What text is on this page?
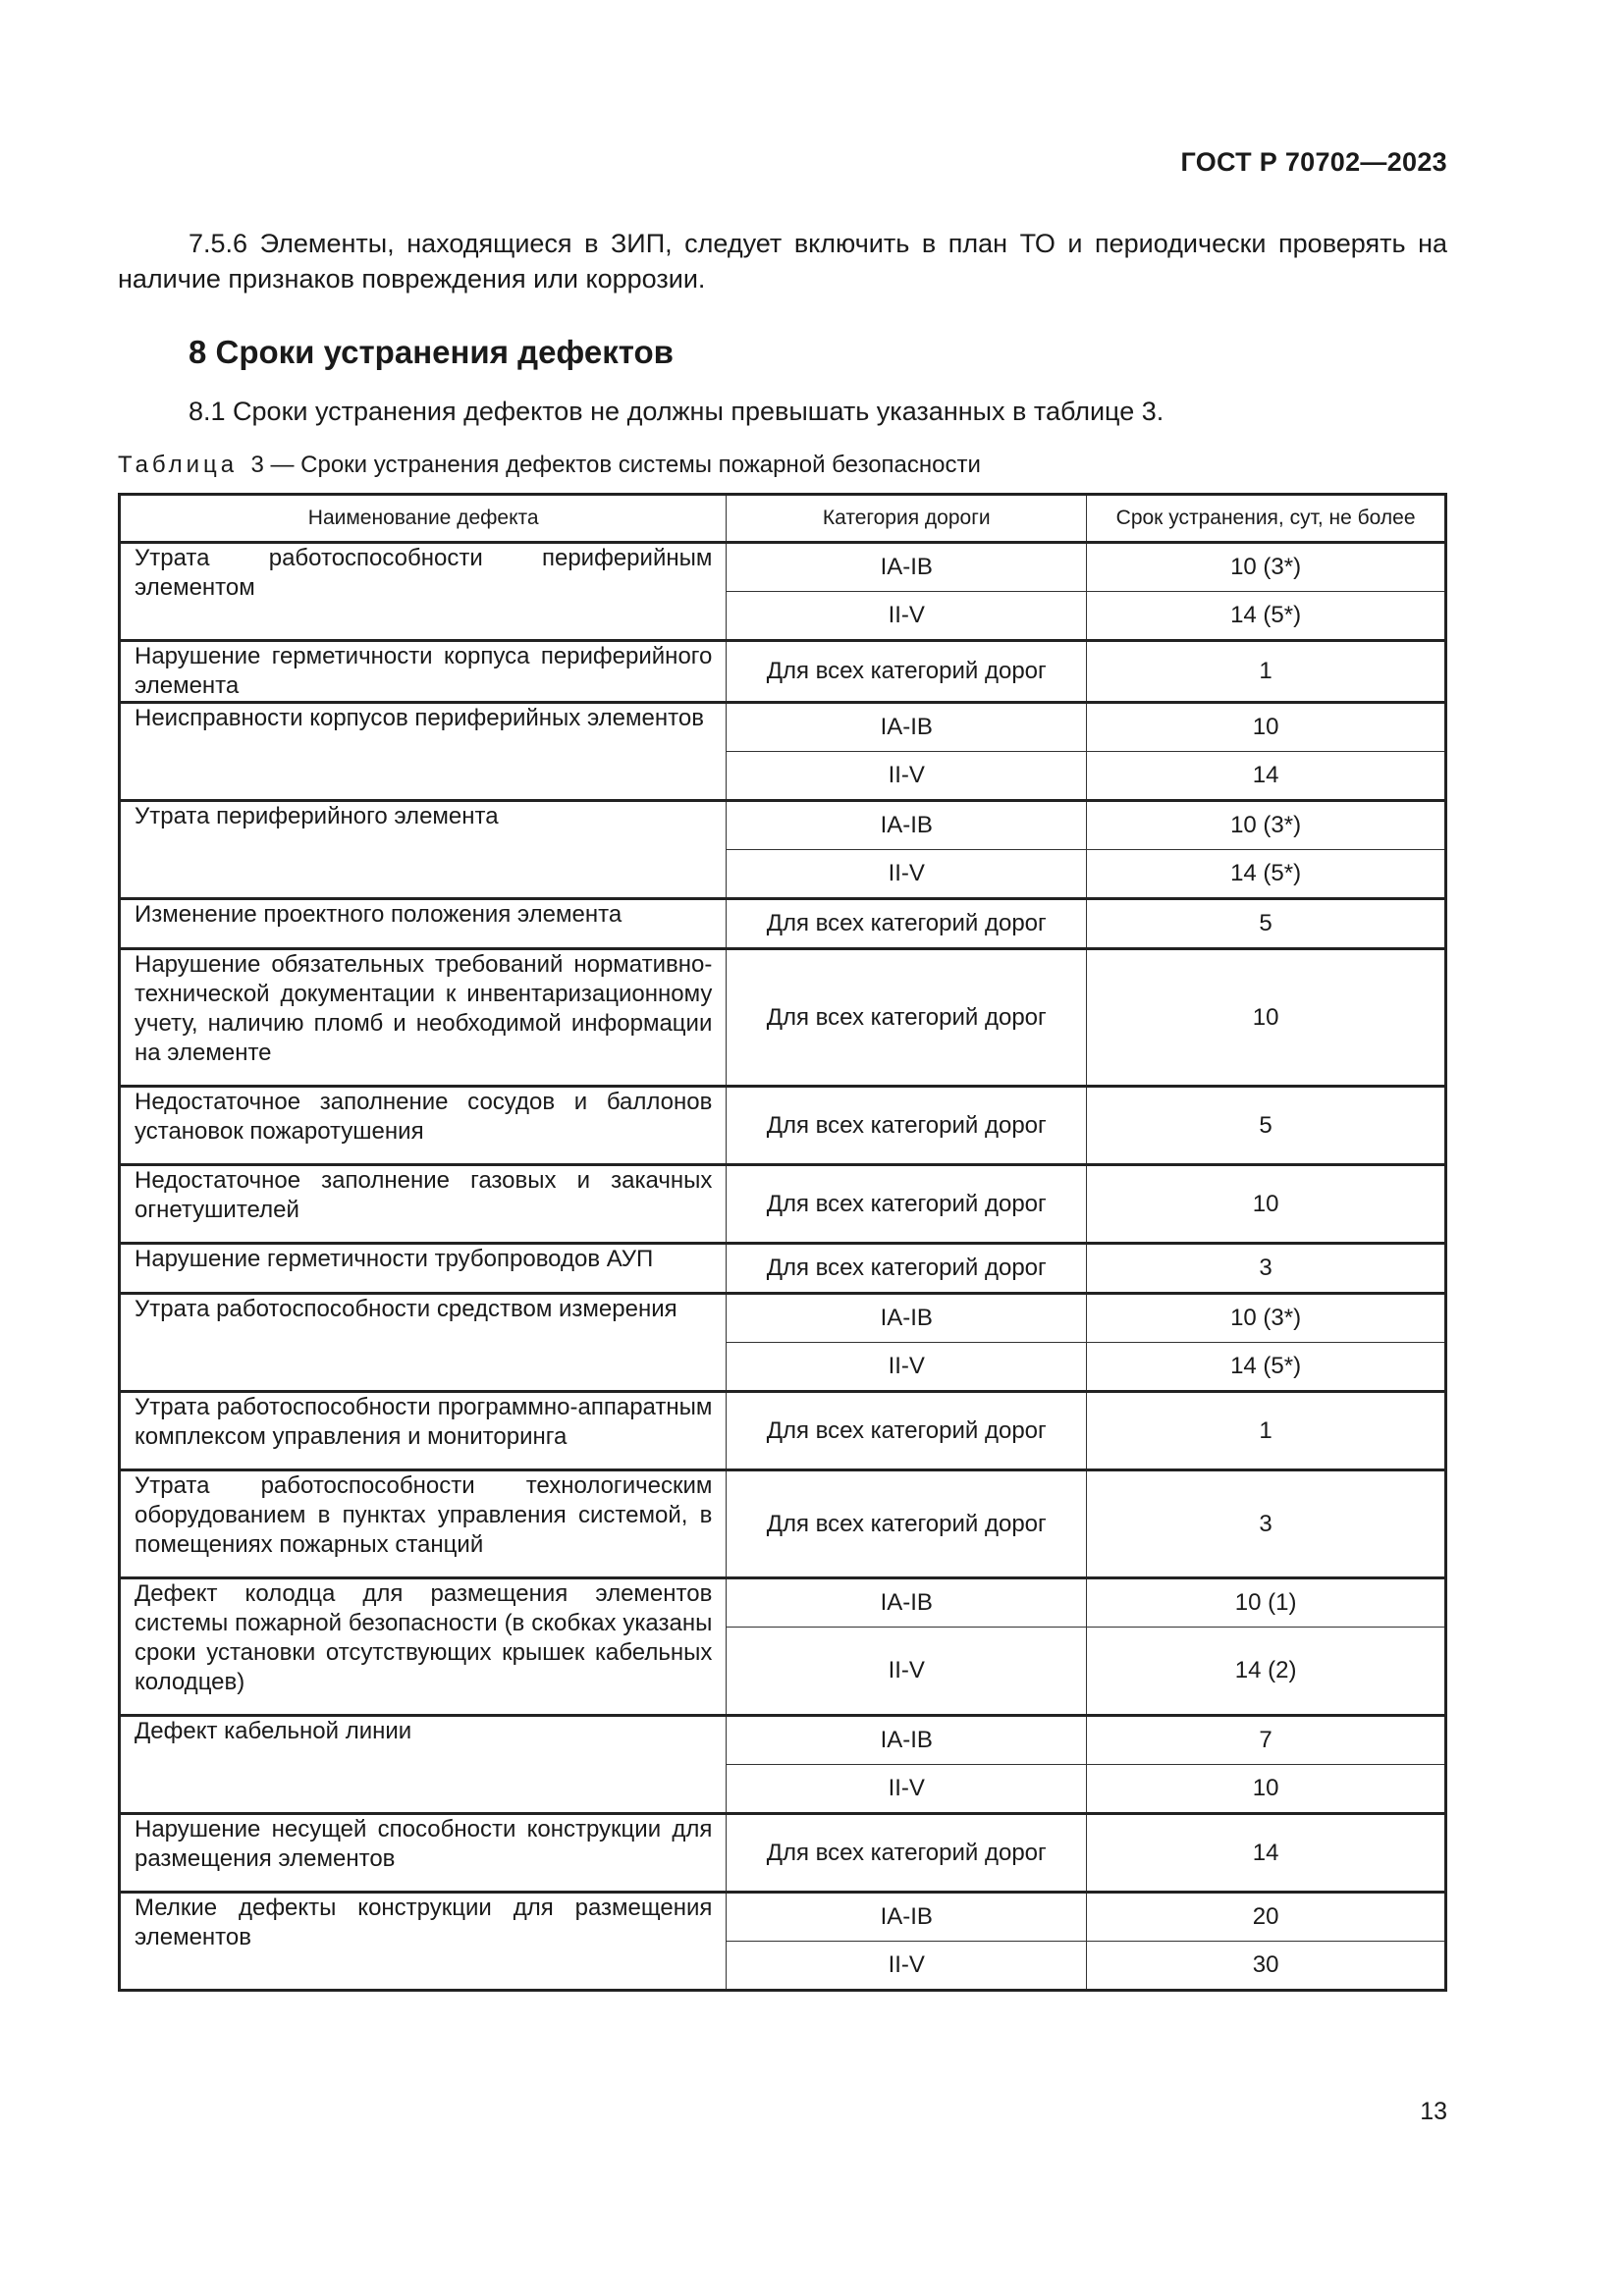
ГОСТ Р 70702—2023
7.5.6 Элементы, находящиеся в ЗИП, следует включить в план ТО и периодически проверять на наличие признаков повреждения или коррозии.
8 Сроки устранения дефектов
8.1 Сроки устранения дефектов не должны превышать указанных в таблице 3.
Таблица 3 — Сроки устранения дефектов системы пожарной безопасности
Наименование дефекта	Категория дороги	Срок устранения, сут, не более
Утрата работоспособности периферийным элементом	IA-IB	10 (3*)
	II-V	14 (5*)
Нарушение герметичности корпуса периферийного элемента	Для всех категорий дорог	1
Неисправности корпусов периферийных элементов	IA-IB	10
	II-V	14
Утрата периферийного элемента	IA-IB	10 (3*)
	II-V	14 (5*)
Изменение проектного положения элемента	Для всех категорий дорог	5
Нарушение обязательных требований нормативно-технической документации к инвентаризационному учету, наличию пломб и необходимой информации на элементе	Для всех категорий дорог	10
Недостаточное заполнение сосудов и баллонов установок пожаротушения	Для всех категорий дорог	5
Недостаточное заполнение газовых и закачных огнетушителей	Для всех категорий дорог	10
Нарушение герметичности трубопроводов АУП	Для всех категорий дорог	3
Утрата работоспособности средством измерения	IA-IB	10 (3*)
	II-V	14 (5*)
Утрата работоспособности программно-аппаратным комплексом управления и мониторинга	Для всех категорий дорог	1
Утрата работоспособности технологическим оборудованием в пунктах управления системой, в помещениях пожарных станций	Для всех категорий дорог	3
Дефект колодца для размещения элементов системы пожарной безопасности (в скобках указаны сроки установки отсутствующих крышек кабельных колодцев)	IA-IB	10 (1)
	II-V	14 (2)
Дефект кабельной линии	IA-IB	7
	II-V	10
Нарушение несущей способности конструкции для размещения элементов	Для всех категорий дорог	14
Мелкие дефекты конструкции для размещения элементов	IA-IB	20
	II-V	30
13
